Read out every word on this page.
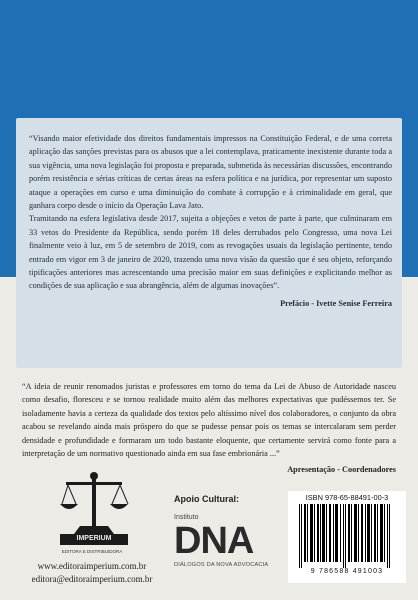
“Visando maior efetividade dos direitos fundamentais impressos na Constituição Federal, e de uma correta aplicação das sanções previstas para os abusos que a lei contemplava, praticamente inexistente durante toda a sua vigência, uma nova legislação foi proposta e preparada, submetida às necessárias discussões, encontrando porém resistência e sérias críticas de certas áreas na esfera política e na jurídica, por representar um suposto ataque a operações em curso e uma diminuição do combate à corrupção e à criminalidade em geral, que ganhara corpo desde o início da Operação Lava Jato.

Tramitando na esfera legislativa desde 2017, sujeita a objeções e vetos de parte à parte, que culminaram em 33 vetos do Presidente da República, sendo porém 18 deles derrubados pelo Congresso, uma nova Lei finalmente veio à luz, em 5 de setembro de 2019, com as revogações usuais da legislação pertinente, tendo entrado em vigor em 3 de janeiro de 2020, trazendo uma nova visão da questão que é seu objeto, reforçando tipificações anteriores mas acrescentando uma precisão maior em suas definições e explicitando melhor as condições de sua aplicação e sua abrangência, além de algumas inovações”.

Prefácio - Ivette Senise Ferreira

“A ideia de reunir renomados juristas e professores em torno do tema da Lei de Abuso de Autoridade nasceu como desafio, floresceu e se tornou realidade muito além das melhores expectativas que pudéssemos ter. Se isoladamente havia a certeza da qualidade dos textos pelo altíssimo nível dos colaboradores, o conjunto da obra acabou se revelando ainda mais próspero do que se pudesse pensar pois os temas se intercalaram sem perder densidade e profundidade e formaram um todo bastante eloquente, que certamente servirá como fonte para a interpretação de um normativo questionado ainda em sua fase embrionária ...”

Apresentação - Coordenadores
IMPERIUM
EDITORA E DISTRIBUIDORA
www.editoraimperium.com.br
editora@editoraimperium.com.br
Apoio Cultural:
Instituto
DNA
DIÁLOGOS DA NOVA ADVOCACIA
ISBN 978-65-88491-00-3
9 786588 491003
